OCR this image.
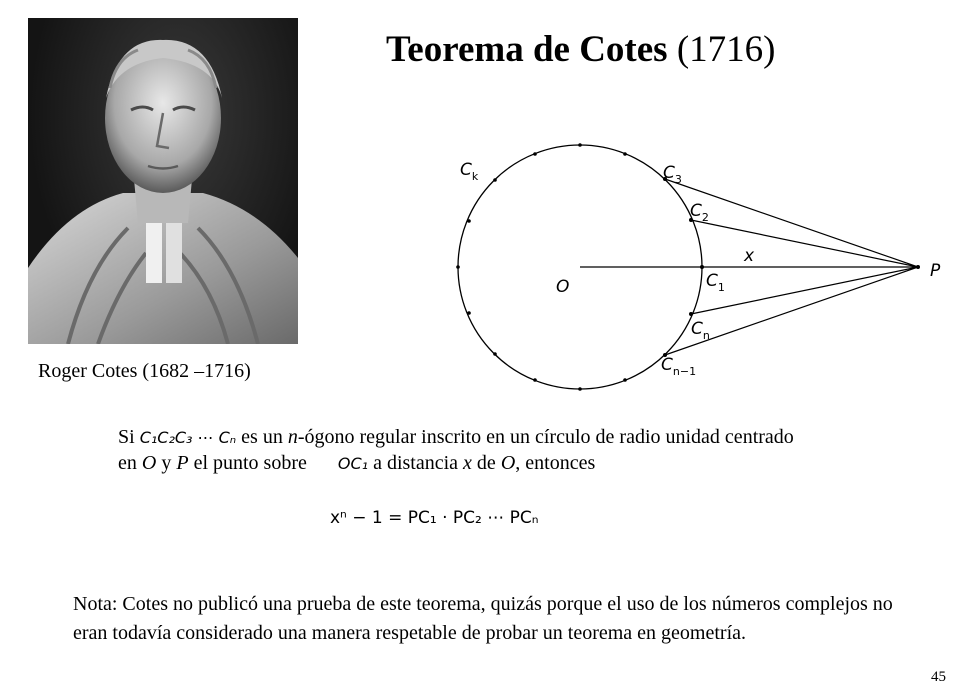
Teorema de Cotes (1716)
Roger Cotes (1682 –1716)
$C_k$	$C_3$
$C_2$
$C_1$
$C_n$
$C_{n-1}$
O
P
x
Si C₁C₂C₃ ⋯ Cₙ es un n-ógono regular inscrito en un círculo de radio unidad centrado
en O y P el punto sobre OC₁ a distancia x de O, entonces
xⁿ − 1 = PC₁ · PC₂ ⋯ PCₙ
Nota: Cotes no publicó una prueba de este teorema, quizás porque el uso de los números complejos no eran todavía considerado una manera respetable de probar un teorema en geometría.
45
